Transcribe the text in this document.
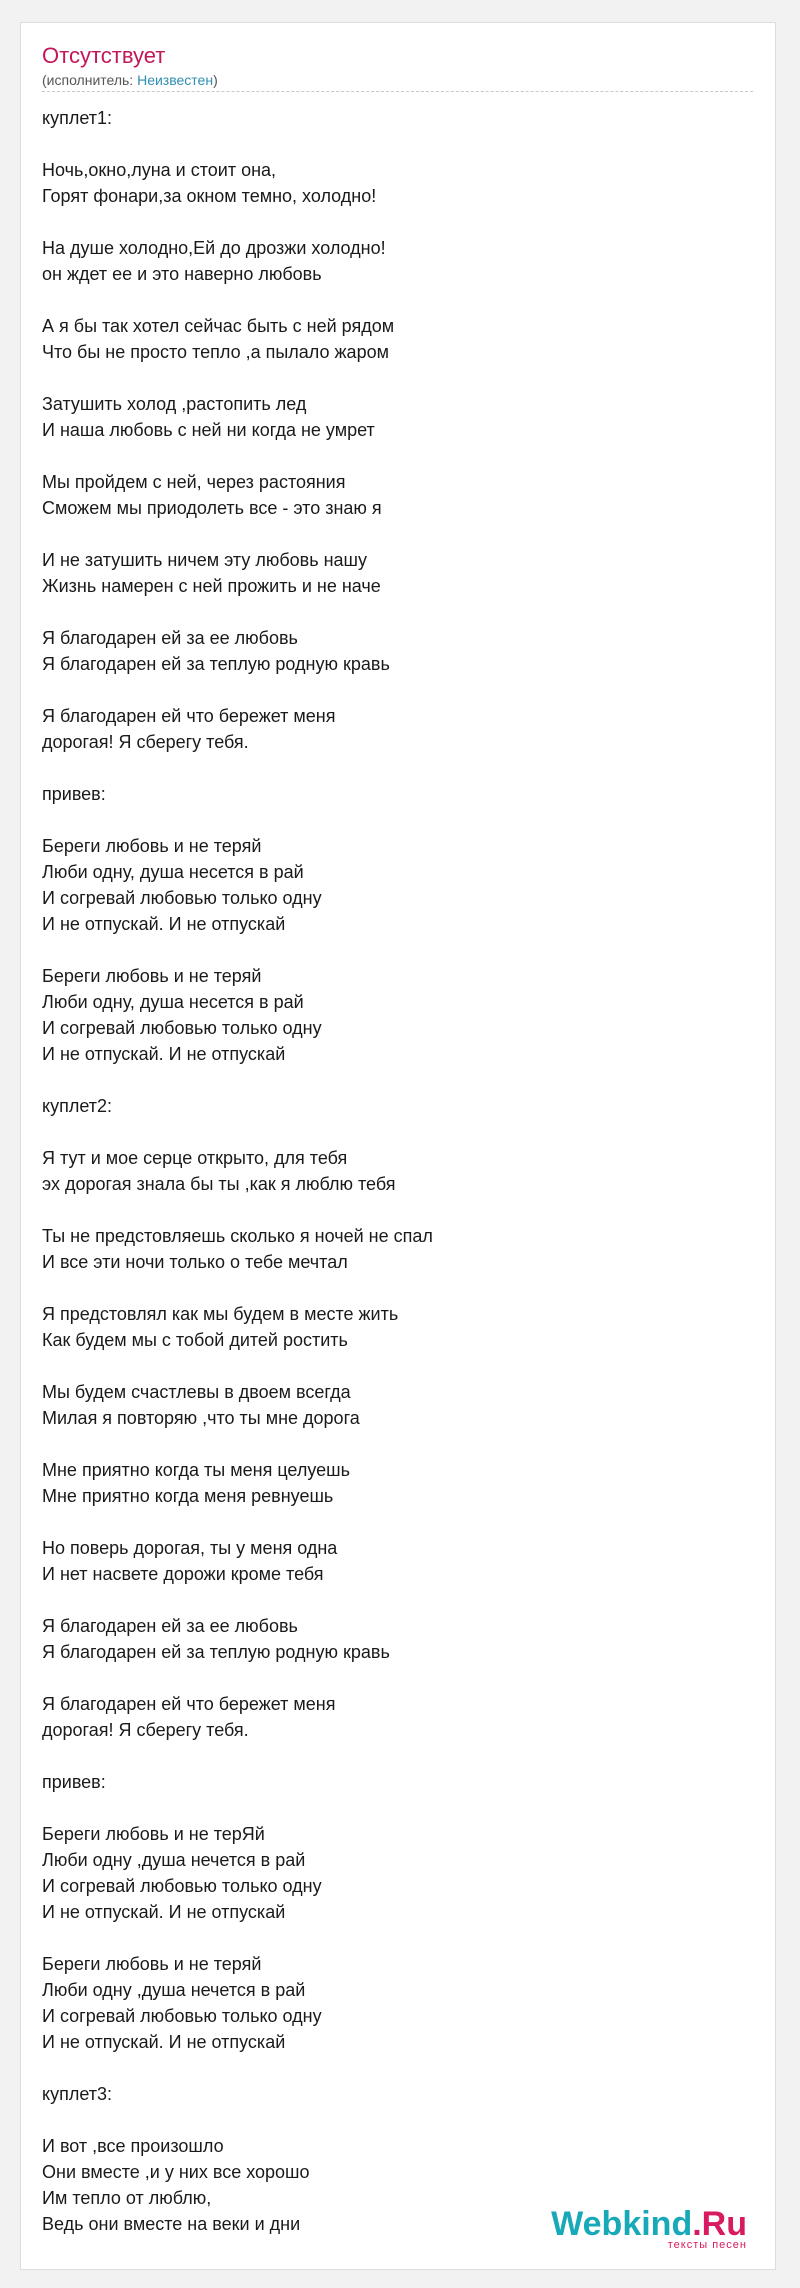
Отсутствует
(исполнитель: Неизвестен)
куплет1:
Ночь,окно,луна и стоит она,
Горят фонари,за окном темно, холодно!
На душе холодно,Ей до дрозжи холодно!
он ждет ее и это наверно любовь
А я бы так хотел сейчас быть с ней рядом
Что бы не просто тепло ,а пылало жаром
Затушить холод ,растопить лед
И наша любовь с ней ни когда не умрет
Мы пройдем с ней, через растояния
Сможем мы приодолеть все - это знаю я
И не затушить ничем эту любовь нашу
Жизнь намерен с ней прожить и не наче
Я благодарен ей за ее любовь
Я благодарен ей за теплую родную кравь
Я благодарен ей что бережет меня
дорогая! Я сберегу тебя.
привев:
Береги любовь и не теряй
Люби одну, душа несется в рай
И согревай любовью только одну
И не отпускай. И не отпускай
Береги любовь и не теряй
Люби одну, душа несется в рай
И согревай любовью только одну
И не отпускай. И не отпускай
куплет2:
Я тут и мое серце открыто, для тебя
эх дорогая знала бы ты ,как я люблю тебя
Ты не предстовляешь сколько я ночей не спал
И все эти ночи только о тебе мечтал
Я предстовлял как мы будем в месте жить
Как будем мы с тобой дитей ростить
Мы будем счастлевы в двоем всегда
Милая я повторяю ,что ты мне дорога
Мне приятно когда ты меня целуешь
Мне приятно когда меня ревнуешь
Но поверь дорогая, ты у меня одна
И нет насвете дорожи кроме тебя
Я благодарен ей за ее любовь
Я благодарен ей за теплую родную кравь
Я благодарен ей что бережет меня
дорогая! Я сберегу тебя.
привев:
Береги любовь и не терЯй
Люби одну ,душа нечется в рай
И согревай любовью только одну
И не отпускай. И не отпускай
Береги любовь и не теряй
Люби одну ,душа нечется в рай
И согревай любовью только одну
И не отпускай. И не отпускай
куплет3:
И вот ,все произошло
Они вместе ,и у них все хорошо
Им тепло от люблю,
Ведь они вместе на веки и дни	Webkind.Ru
тексты песен
